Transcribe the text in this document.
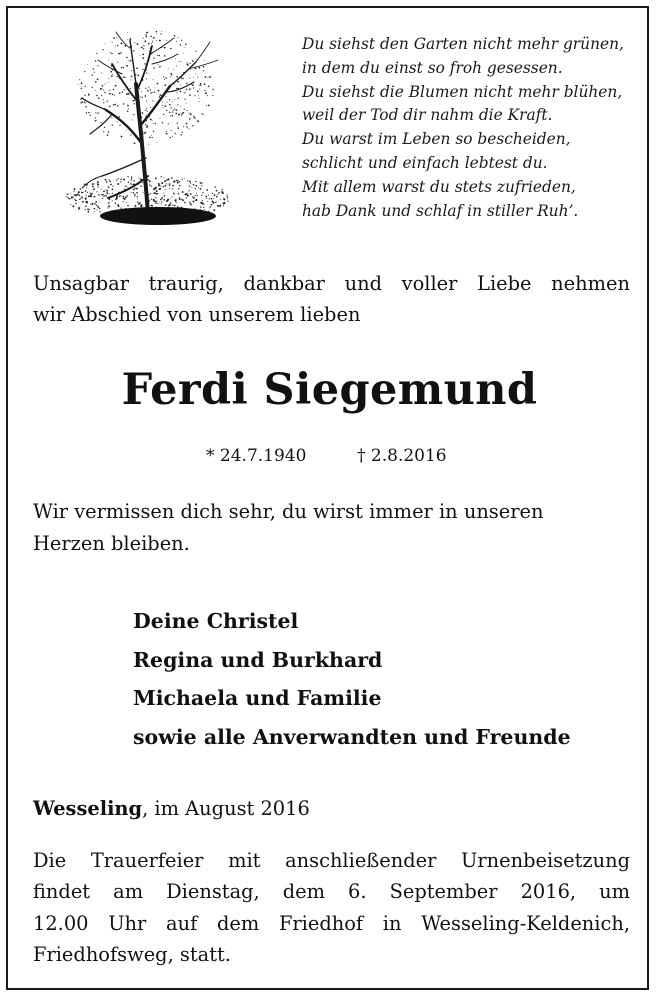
Du siehst den Garten nicht mehr grünen,
in dem du einst so froh gesessen.
Du siehst die Blumen nicht mehr blühen,
weil der Tod dir nahm die Kraft.
Du warst im Leben so bescheiden,
schlicht und einfach lebtest du.
Mit allem warst du stets zufrieden,
hab Dank und schlaf in stiller Ruh’.
Unsagbar traurig, dankbar und voller Liebe nehmen
wir Abschied von unserem lieben
Ferdi Siegemund
* 24.7.1940	† 2.8.2016
Wir vermissen dich sehr, du wirst immer in unseren
Herzen bleiben.
Deine Christel
Regina und Burkhard
Michaela und Familie
sowie alle Anverwandten und Freunde
Wesseling, im August 2016
Die Trauerfeier mit anschließender Urnenbeisetzung
findet am Dienstag, dem 6. September 2016, um
12.00 Uhr auf dem Friedhof in Wesseling-Keldenich,
Friedhofsweg, statt.
